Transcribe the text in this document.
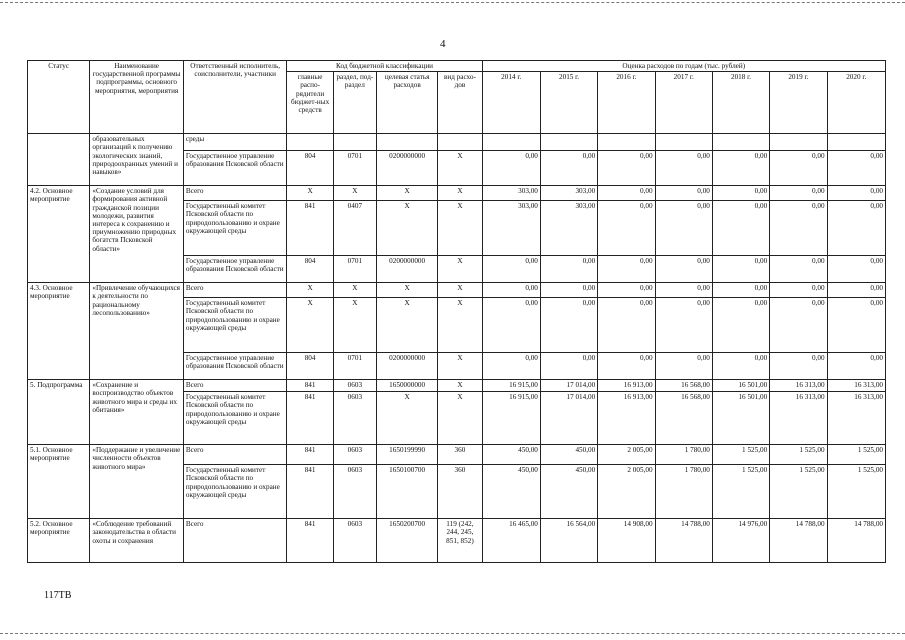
4
Статус	Наименование государственной программы подпрограммы, основного мероприятия, мероприятия	Ответственный исполнитель, соисполнители, участники	Код бюджетной классификации				Оценка расходов по годам (тыс. рублей)						
			главные распо-рядители бюджет-ных средств	раздел, под-раздел	целевая статья расходов	вид расхо-дов	2014 г.	2015 г.	2016 г.	2017 г.	2018 г.	2019 г.	2020 г.
	образовательных организаций к получению экологических знаний, природоохранных умений и навыков»	среды											
		Государственное управление образования Псковской области	804	0701	0200000000	Х	0,00	0,00	0,00	0,00	0,00	0,00	0,00
4.2. Основное мероприятие	«Создание условий для формирования активной гражданской позиции молодежи, развития интереса к сохранению и приумножению природных богатств Псковской области»	Всего	Х	Х	Х	Х	303,00	303,00	0,00	0,00	0,00	0,00	0,00
		Государственный комитет Псковской области по природопользованию и охране окружающей среды	841	0407	Х	Х	303,00	303,00	0,00	0,00	0,00	0,00	0,00
		Государственное управление образования Псковской области	804	0701	0200000000	Х	0,00	0,00	0,00	0,00	0,00	0,00	0,00
4.3. Основное мероприятие	«Привлечение обучающихся к деятельности по рациональному лесопользованию»	Всего	Х	Х	Х	Х	0,00	0,00	0,00	0,00	0,00	0,00	0,00
		Государственный комитет Псковской области по природопользованию и охране окружающей среды	Х	Х	Х	Х	0,00	0,00	0,00	0,00	0,00	0,00	0,00
		Государственное управление образования Псковской области	804	0701	0200000000	Х	0,00	0,00	0,00	0,00	0,00	0,00	0,00
5. Подпрограмма	«Сохранение и воспроизводство объектов животного мира и среды их обитания»	Всего	841	0603	1650000000	Х	16 915,00	17 014,00	16 913,00	16 568,00	16 501,00	16 313,00	16 313,00
		Государственный комитет Псковской области по природопользованию и охране окружающей среды	841	0603	Х	Х	16 915,00	17 014,00	16 913,00	16 568,00	16 501,00	16 313,00	16 313,00
5.1. Основное мероприятие	«Поддержание и увеличение численности объектов животного мира»	Всего	841	0603	1650199990	360	450,00	450,00	2 005,00	1 780,00	1 525,00	1 525,00	1 525,00
		Государственный комитет Псковской области по природопользованию и охране окружающей среды	841	0603	1650100700	360	450,00	450,00	2 005,00	1 780,00	1 525,00	1 525,00	1 525,00
5.2. Основное мероприятие	«Соблюдение требований законодательства в области охоты и сохранения	Всего	841	0603	1650200700	119 (242, 244, 245, 851, 852)	16 465,00	16 564,00	14 908,00	14 788,00	14 976,00	14 788,00	14 788,00
117ТВ
